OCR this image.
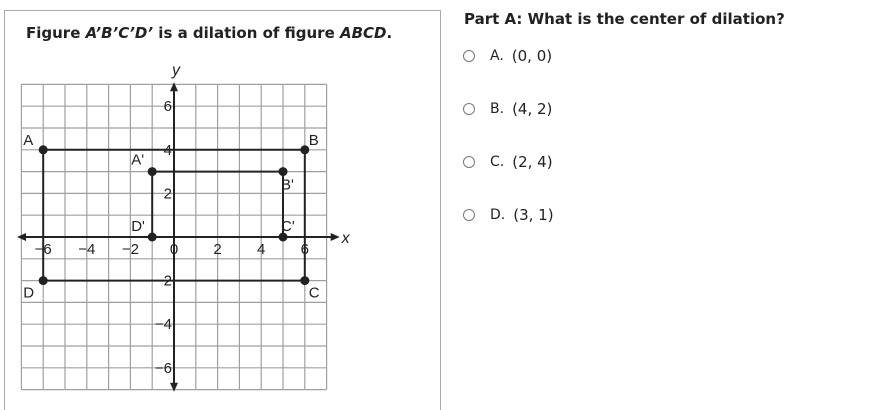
Figure A’B’C’D’ is a dilation of figure ABCD.
x
y
−6 −4 −2 0 2 4 6
6
4
2
−2
−4
−6
A	B
C
D
A'
B'
C'
D'
Part A: What is the center of dilation?
A. (0, 0)
B. (4, 2)
C. (2, 4)
D. (3, 1)
